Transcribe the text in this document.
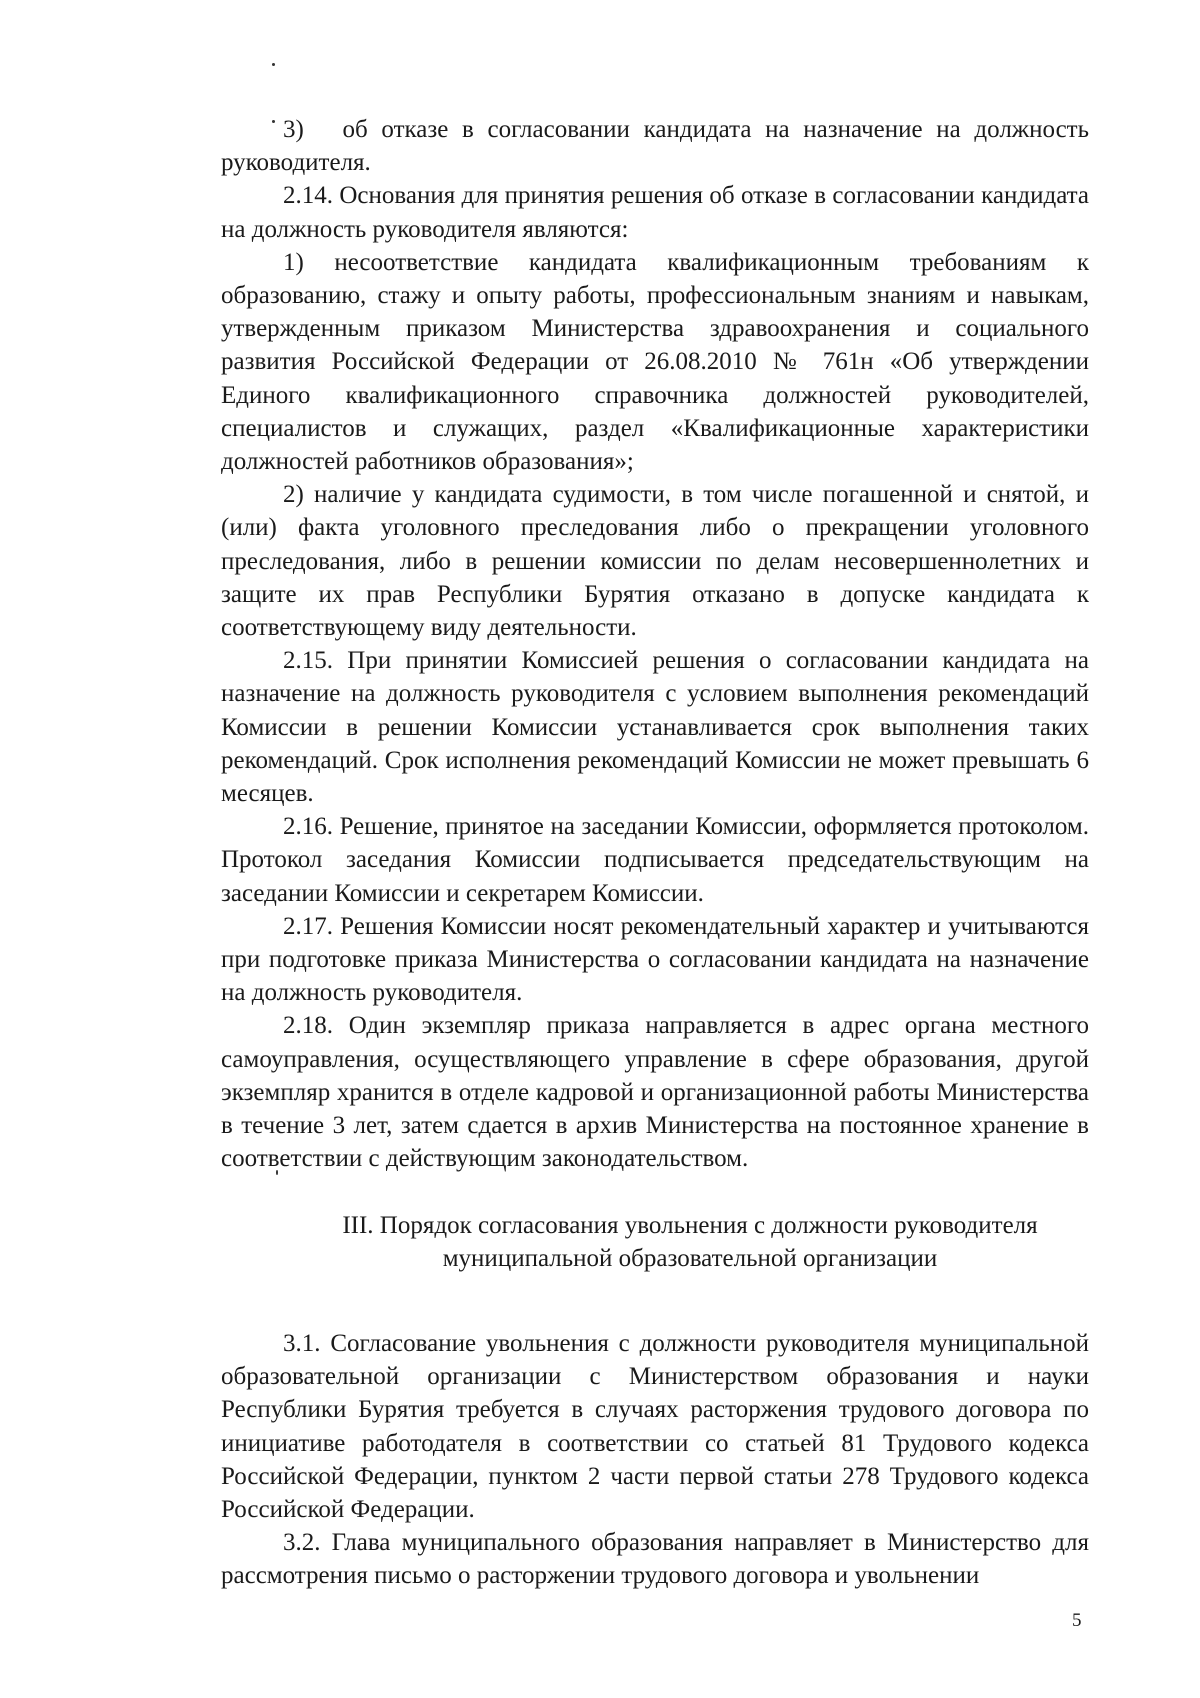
3)  об отказе в согласовании кандидата на назначение на должность руководителя.

2.14. Основания для принятия решения об отказе в согласовании кандидата на должность руководителя являются:

1) несоответствие кандидата квалификационным требованиям к образованию, стажу и опыту работы, профессиональным знаниям и навыкам, утвержденным приказом Министерства здравоохранения и социального развития Российской Федерации от 26.08.2010 № 761н «Об утверждении Единого квалификационного справочника должностей руководителей, специалистов и служащих, раздел «Квалификационные характеристики должностей работников образования»;

2) наличие у кандидата судимости, в том числе погашенной и снятой, и (или) факта уголовного преследования либо о прекращении уголовного преследования, либо в решении комиссии по делам несовершеннолетних и защите их прав Республики Бурятия отказано в допуске кандидата к соответствующему виду деятельности.

2.15. При принятии Комиссией решения о согласовании кандидата на назначение на должность руководителя с условием выполнения рекомендаций Комиссии в решении Комиссии устанавливается срок выполнения таких рекомендаций. Срок исполнения рекомендаций Комиссии не может превышать 6 месяцев.

2.16. Решение, принятое на заседании Комиссии, оформляется протоколом. Протокол заседания Комиссии подписывается председательствующим на заседании Комиссии и секретарем Комиссии.

2.17. Решения Комиссии носят рекомендательный характер и учитываются при подготовке приказа Министерства о согласовании кандидата на назначение на должность руководителя.

2.18. Один экземпляр приказа направляется в адрес органа местного самоуправления, осуществляющего управление в сфере образования, другой экземпляр хранится в отделе кадровой и организационной работы Министерства в течение 3 лет, затем сдается в архив Министерства на постоянное хранение в соответствии с действующим законодательством.

III. Порядок согласования увольнения с должности руководителя
муниципальной образовательной организации

3.1. Согласование увольнения с должности руководителя муниципальной образовательной организации с Министерством образования и науки Республики Бурятия требуется в случаях расторжения трудового договора по инициативе работодателя в соответствии со статьей 81 Трудового кодекса Российской Федерации, пунктом 2 части первой статьи 278 Трудового кодекса Российской Федерации.

3.2. Глава муниципального образования направляет в Министерство для рассмотрения письмо о расторжении трудового договора и увольнении

5
